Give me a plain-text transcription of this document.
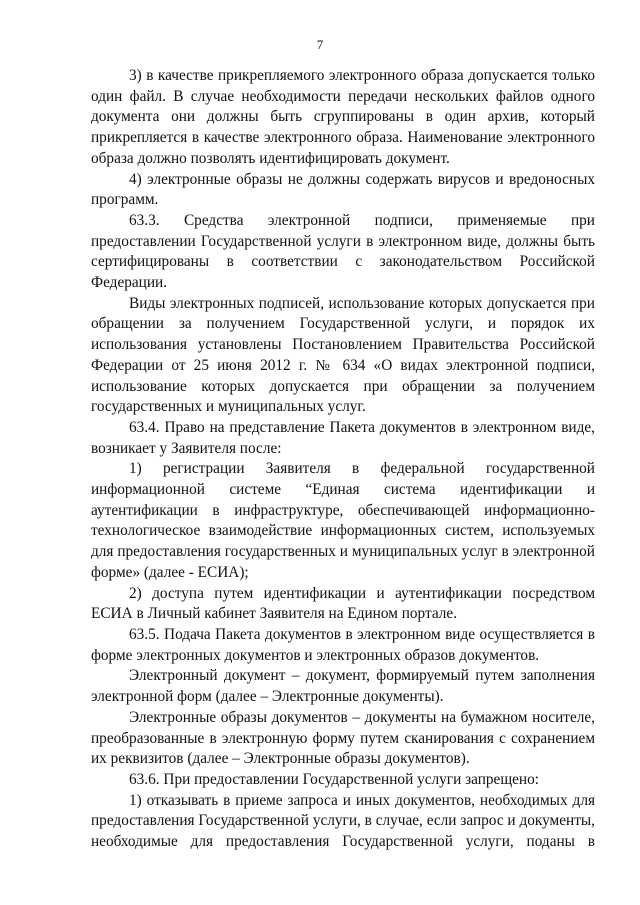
7

3) в качестве прикрепляемого электронного образа допускается только один файл. В случае необходимости передачи нескольких файлов одного документа они должны быть сгруппированы в один архив, который прикрепляется в качестве электронного образа. Наименование электронного образа должно позволять идентифицировать документ.

4) электронные образы не должны содержать вирусов и вредоносных программ.

63.3. Средства электронной подписи, применяемые при предоставлении Государственной услуги в электронном виде, должны быть сертифицированы в соответствии с законодательством Российской Федерации.

Виды электронных подписей, использование которых допускается при обращении за получением Государственной услуги, и порядок их использования установлены Постановлением Правительства Российской Федерации от 25 июня 2012 г. № 634 «О видах электронной подписи, использование которых допускается при обращении за получением государственных и муниципальных услуг.

63.4. Право на представление Пакета документов в электронном виде, возникает у Заявителя после:

1) регистрации Заявителя в федеральной государственной информационной системе “Единая система идентификации и аутентификации в инфраструктуре, обеспечивающей информационно-технологическое взаимодействие информационных систем, используемых для предоставления государственных и муниципальных услуг в электронной форме» (далее - ЕСИА);

2) доступа путем идентификации и аутентификации посредством ЕСИА в Личный кабинет Заявителя на Едином портале.

63.5. Подача Пакета документов в электронном виде осуществляется в форме электронных документов и электронных образов документов.

Электронный документ – документ, формируемый путем заполнения электронной форм (далее – Электронные документы).

Электронные образы документов – документы на бумажном носителе, преобразованные в электронную форму путем сканирования с сохранением их реквизитов (далее – Электронные образы документов).

63.6. При предоставлении Государственной услуги запрещено:

1) отказывать в приеме запроса и иных документов, необходимых для предоставления Государственной услуги, в случае, если запрос и документы, необходимые для предоставления Государственной услуги, поданы в
